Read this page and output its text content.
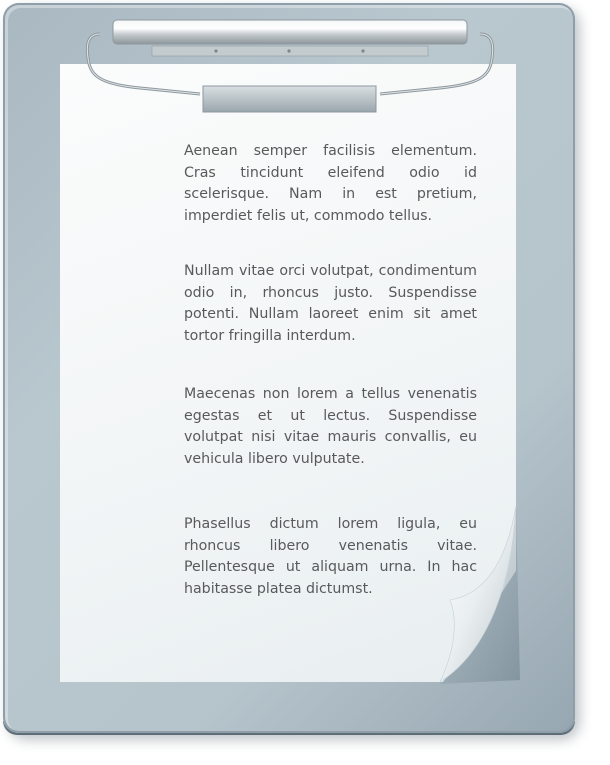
Aenean semper facilisis elementum. Cras tincidunt eleifend odio id scelerisque. Nam in est pretium, imperdiet felis ut, commodo tellus.

Nullam vitae orci volutpat, condimentum odio in, rhoncus justo. Suspendisse potenti. Nullam laoreet enim sit amet tortor fringilla interdum.

Maecenas non lorem a tellus venenatis egestas et ut lectus. Suspendisse volutpat nisi vitae mauris convallis, eu vehicula libero vulputate.

Phasellus dictum lorem ligula, eu rhoncus libero venenatis vitae. Pellentesque ut aliquam urna. In hac habitasse platea dictumst.
